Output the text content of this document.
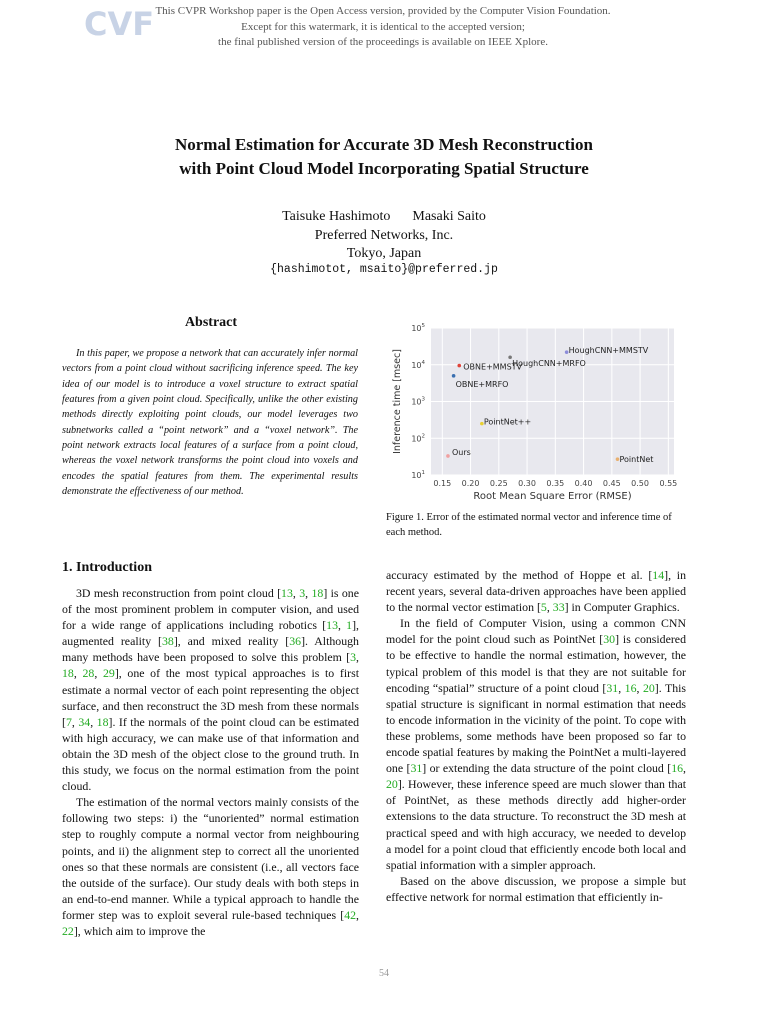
CVF This CVPR Workshop paper is the Open Access version, provided by the Computer Vision Foundation.
Except for this watermark, it is identical to the accepted version;
the final published version of the proceedings is available on IEEE Xplore.
Normal Estimation for Accurate 3D Mesh Reconstruction
with Point Cloud Model Incorporating Spatial Structure
Taisuke Hashimoto Masaki Saito
Preferred Networks, Inc.
Tokyo, Japan
{hashimotot, msaito}@preferred.jp
Abstract

In this paper, we propose a network that can accurately infer normal vectors from a point cloud without sacrificing inference speed. The key idea of our model is to introduce a voxel structure to extract spatial features from a given point cloud. Specifically, unlike the other existing methods directly exploiting point clouds, our model leverages two subnetworks called a “point network” and a “voxel network”. The point network extracts local features of a surface from a point cloud, whereas the voxel network transforms the point cloud into voxels and encodes the spatial features from them. The experimental results demonstrate the effectiveness of our method.

$10^1$
$10^2$
$10^3$
$10^4$
$10^5$
0.15 0.20 0.25 0.30 0.35 0.40 0.45 0.50 0.55
HoughCNN+MMSTV
HoughCNN+MRFO
OBNE+MMSTV
OBNE+MRFO
PointNet++
Ours
PointNet
Root Mean Square Error (RMSE)
Inference time [msec]
Figure 1. Error of the estimated normal vector and inference time of each method.
1. Introduction

3D mesh reconstruction from point cloud [13, 3, 18] is one of the most prominent problem in computer vision, and used for a wide range of applications including robotics [13, 1], augmented reality [38], and mixed reality [36]. Although many methods have been proposed to solve this problem [3, 18, 28, 29], one of the most typical approaches is to first estimate a normal vector of each point representing the object surface, and then reconstruct the 3D mesh from these normals [7, 34, 18]. If the normals of the point cloud can be estimated with high accuracy, we can make use of that information and obtain the 3D mesh of the object close to the ground truth. In this study, we focus on the normal estimation from the point cloud.

The estimation of the normal vectors mainly consists of the following two steps: i) the “unoriented” normal estimation step to roughly compute a normal vector from neighbouring points, and ii) the alignment step to correct all the unoriented ones so that these normals are consistent (i.e., all vectors face the outside of the surface). Our study deals with both steps in an end-to-end manner. While a typical approach to handle the former step was to exploit several rule-based techniques [42, 22], which aim to improve the

accuracy estimated by the method of Hoppe et al. [14], in recent years, several data-driven approaches have been applied to the normal vector estimation [5, 33] in Computer Graphics.

In the field of Computer Vision, using a common CNN model for the point cloud such as PointNet [30] is considered to be effective to handle the normal estimation, however, the typical problem of this model is that they are not suitable for encoding “spatial” structure of a point cloud [31, 16, 20]. This spatial structure is significant in normal estimation that needs to encode information in the vicinity of the point. To cope with these problems, some methods have been proposed so far to encode spatial features by making the PointNet a multi-layered one [31] or extending the data structure of the point cloud [16, 20]. However, these inference speed are much slower than that of PointNet, as these methods directly add higher-order extensions to the data structure. To reconstruct the 3D mesh at practical speed and with high accuracy, we needed to develop a model for a point cloud that efficiently encode both local and spatial information with a simpler approach.

Based on the above discussion, we propose a simple but effective network for normal estimation that efficiently in-

54
